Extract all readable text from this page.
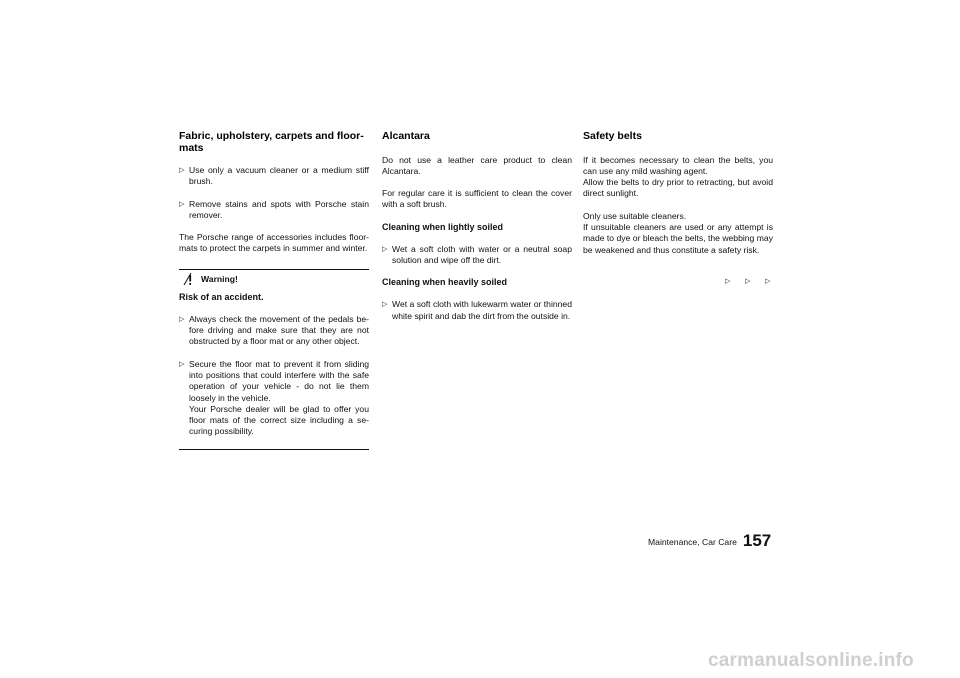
Fabric, upholstery, carpets and floor-mats
▷ Use only a vacuum cleaner or a medium stiff brush.
▷ Remove stains and spots with Porsche stain remover.

The Porsche range of accessories includes floor-mats to protect the carpets in summer and winter.

Warning!
Risk of an accident.
▷ Always check the movement of the pedals be-fore driving and make sure that they are not obstructed by a floor mat or any other object.
▷ Secure the floor mat to prevent it from sliding into positions that could interfere with the safe operation of your vehicle - do not lie them loosely in the vehicle.
Your Porsche dealer will be glad to offer you floor mats of the correct size including a se-curing possibility.
Alcantara

Do not use a leather care product to clean Alcantara.

For regular care it is sufficient to clean the cover with a soft brush.

Cleaning when lightly soiled
▷ Wet a soft cloth with water or a neutral soap solution and wipe off the dirt.
Cleaning when heavily soiled
▷ Wet a soft cloth with lukewarm water or thinned white spirit and dab the dirt from the outside in.
Safety belts

If it becomes necessary to clean the belts, you can use any mild washing agent.
Allow the belts to dry prior to retracting, but avoid direct sunlight.

Only use suitable cleaners.
If unsuitable cleaners are used or any attempt is made to dye or bleach the belts, the webbing may be weakened and thus constitute a safety risk.

▷ ▷ ▷
Maintenance, Car Care 157
carmanualsonline.info
